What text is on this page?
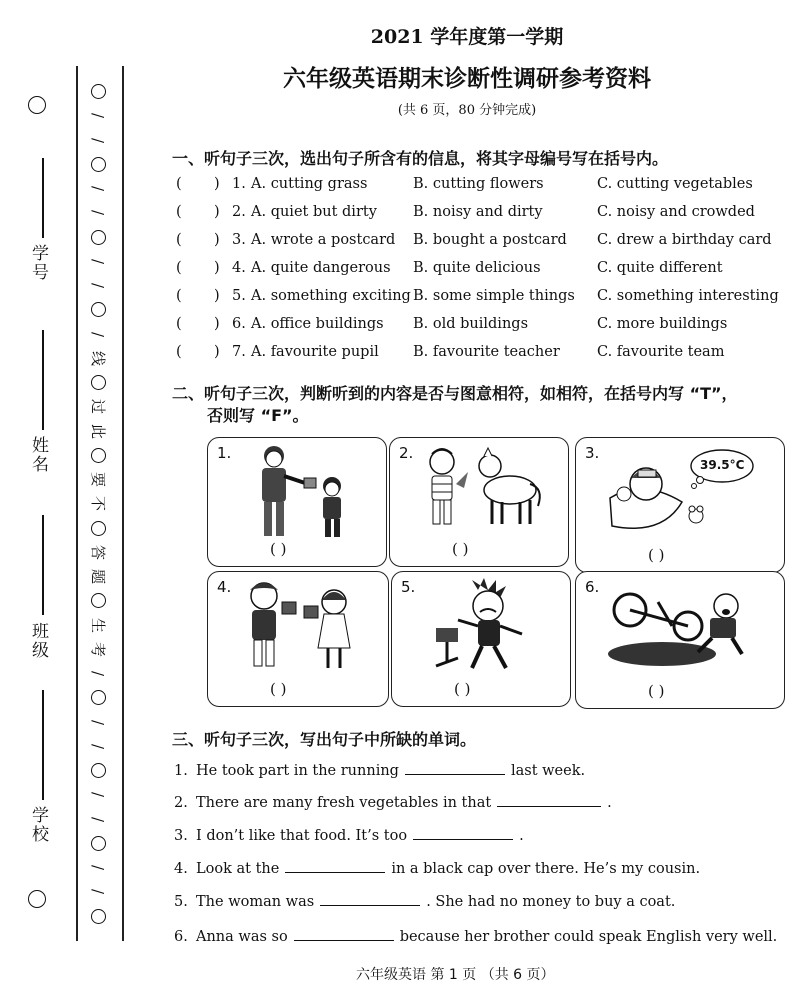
学号
姓名
班级
学校
/
/
/
/
/
/
/
线
过
此
要
不
答
题
生
考
/
/
/
/
/
/
/
2021 学年度第一学期
六年级英语期末诊断性调研参考资料
(共 6 页，80 分钟完成)
一、听句子三次，选出句子所含有的信息，将其字母编号写在括号内。
( ) 1. A. cutting grass	B. cutting flowers	C. cutting vegetables
( ) 2. A. quiet but dirty B. noisy and dirty	C. noisy and crowded
( ) 3. A. wrote a postcard B. bought a postcard C. drew a birthday card
( ) 4. A. quite dangerous B. quite delicious	C. quite different
( ) 5. A. something exciting B. some simple things C. something interesting
( ) 6. A. office buildings B. old buildings	C. more buildings
( ) 7. A. favourite pupil B. favourite teacher	C. favourite team
二、听句子三次，判断听到的内容是否与图意相符，如相符，在括号内写 “T”，
否则写 “F”。
1.
( )
2.
( )
3.
39.5°C
( )
4.
( )
5.
( )
6.
( )
三、听句子三次，写出句子中所缺的单词。
1. He took part in the running	last week.
2. There are many fresh vegetables in that	.
3. I don’t like that food. It’s too	.
4. Look at the	in a black cap over there. He’s my cousin.
5. The woman was	. She had no money to buy a coat.
6. Anna was so	because her brother could speak English very well.
六年级英语 第 1 页 （共 6 页）
